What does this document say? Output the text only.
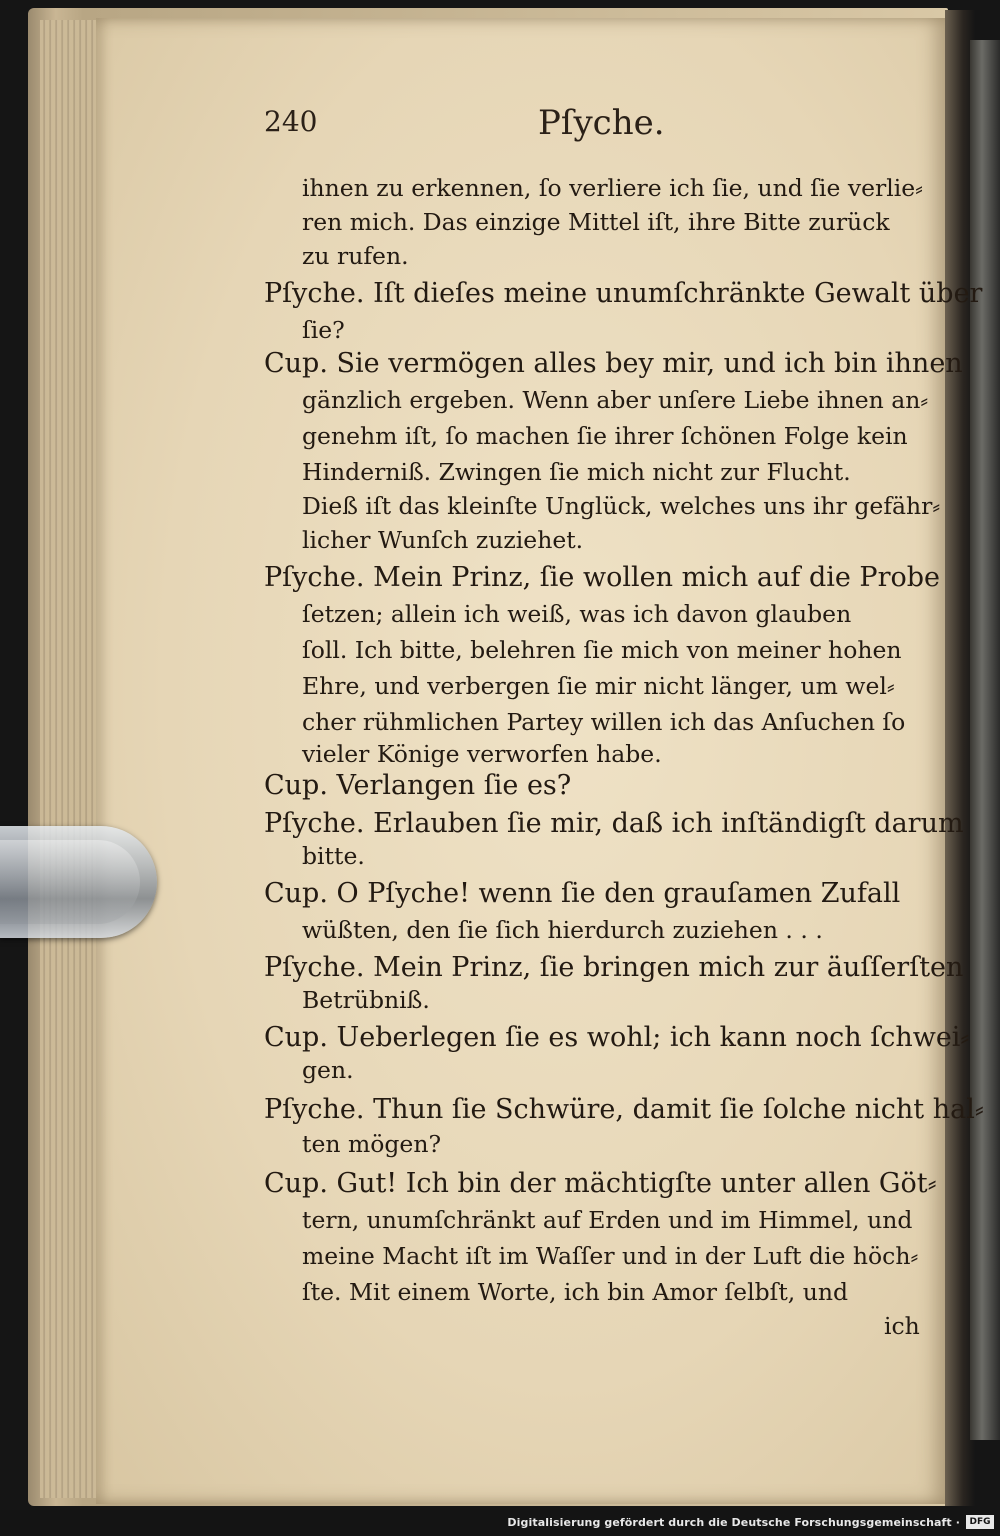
240	Pſyche.
ihnen zu erkennen, ſo verliere ich ſie, und ſie verlie⸗
ren mich. Das einzige Mittel iſt, ihre Bitte zurück
zu rufen.
Pſyche. Iſt dieſes meine unumſchränkte Gewalt über
ſie?
Cup. Sie vermögen alles bey mir, und ich bin ihnen
gänzlich ergeben. Wenn aber unſere Liebe ihnen an⸗
genehm iſt, ſo machen ſie ihrer ſchönen Folge kein
Hinderniß. Zwingen ſie mich nicht zur Flucht.
Dieß iſt das kleinſte Unglück, welches uns ihr gefähr⸗
licher Wunſch zuziehet.
Pſyche. Mein Prinz, ſie wollen mich auf die Probe
ſetzen; allein ich weiß, was ich davon glauben
ſoll. Ich bitte, belehren ſie mich von meiner hohen
Ehre, und verbergen ſie mir nicht länger, um wel⸗
cher rühmlichen Partey willen ich das Anſuchen ſo
vieler Könige verworfen habe.
Cup. Verlangen ſie es?
Pſyche. Erlauben ſie mir, daß ich inſtändigſt darum
bitte.
Cup. O Pſyche! wenn ſie den grauſamen Zufall
wüßten, den ſie ſich hierdurch zuziehen . . .
Pſyche. Mein Prinz, ſie bringen mich zur äuſſerſten
Betrübniß.
Cup. Ueberlegen ſie es wohl; ich kann noch ſchwei⸗
gen.
Pſyche. Thun ſie Schwüre, damit ſie ſolche nicht hal⸗
ten mögen?
Cup. Gut! Ich bin der mächtigſte unter allen Göt⸗
tern, unumſchränkt auf Erden und im Himmel, und
meine Macht iſt im Waſſer und in der Luft die höch⸗
ſte. Mit einem Worte, ich bin Amor ſelbſt, und
ich
Digitalisierung gefördert durch die Deutsche Forschungsgemeinschaft ·	DFG
